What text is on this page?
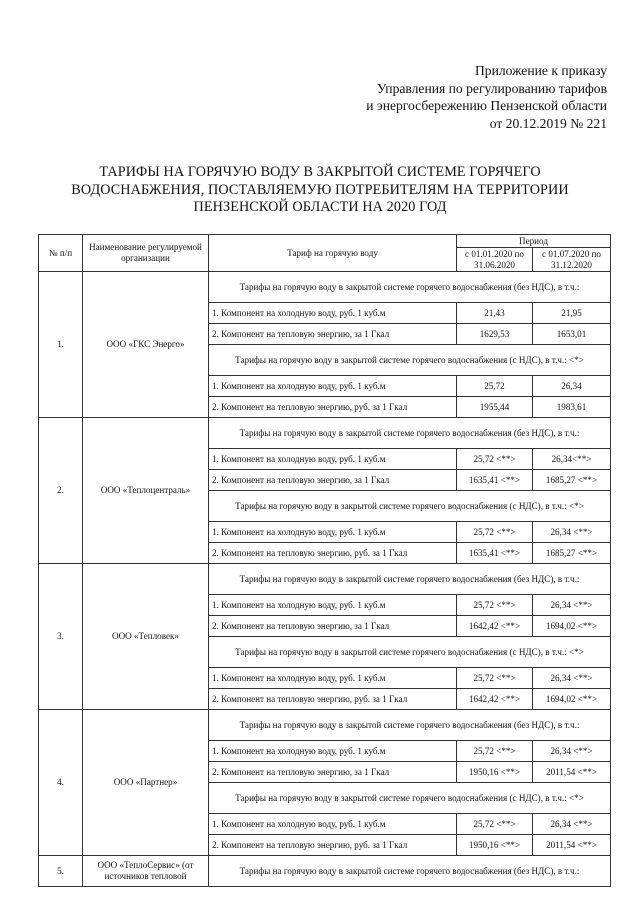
Приложение к приказу
Управления по регулированию тарифов
и энергосбережению Пензенской области
от 20.12.2019 № 221
ТАРИФЫ НА ГОРЯЧУЮ ВОДУ В ЗАКРЫТОЙ СИСТЕМЕ ГОРЯЧЕГО
ВОДОСНАБЖЕНИЯ, ПОСТАВЛЯЕМУЮ ПОТРЕБИТЕЛЯМ НА ТЕРРИТОРИИ
ПЕНЗЕНСКОЙ ОБЛАСТИ НА 2020 ГОД
№ п/п	Наименование регулируемой организации	Тариф на горячую воду	Период	
			с 01.01.2020 по 31.06.2020	с 01.07.2020 по 31.12.2020
1.	ООО «ГКС Энерго»	Тарифы на горячую воду в закрытой системе горячего водоснабжения (без НДС), в т.ч.:		
		1. Компонент на холодную воду, руб. 1 куб.м	21,43	21,95
		2. Компонент на тепловую энергию, за 1 Гкал	1629,53	1653,01
		Тарифы на горячую воду в закрытой системе горячего водоснабжения (с НДС), в т.ч.: <*>		
		1. Компонент на холодную воду, руб. 1 куб.м	25,72	26,34
		2. Компонент на тепловую энергию, руб. за 1 Гкал	1955,44	1983,61
2.	ООО «Теплоцентраль»	Тарифы на горячую воду в закрытой системе горячего водоснабжения (без НДС), в т.ч.:		
		1. Компонент на холодную воду, руб. 1 куб.м	25,72 <**>	26,34<**>
		2. Компонент на тепловую энергию, за 1 Гкал	1635,41 <**>	1685,27 <**>
		Тарифы на горячую воду в закрытой системе горячего водоснабжения (с НДС), в т.ч.: <*>		
		1. Компонент на холодную воду, руб. 1 куб.м	25,72 <**>	26,34 <**>
		2. Компонент на тепловую энергию, руб. за 1 Гкал	1635,41 <**>	1685,27 <**>
3.	ООО «Тепловек»	Тарифы на горячую воду в закрытой системе горячего водоснабжения (без НДС), в т.ч.:		
		1. Компонент на холодную воду, руб. 1 куб.м	25,72 <**>	26,34 <**>
		2. Компонент на тепловую энергию, за 1 Гкал	1642,42 <**>	1694,02 <**>
		Тарифы на горячую воду в закрытой системе горячего водоснабжения (с НДС), в т.ч.: <*>		
		1. Компонент на холодную воду, руб. 1 куб.м	25,72 <**>	26,34 <**>
		2. Компонент на тепловую энергию, руб. за 1 Гкал	1642,42 <**>	1694,02 <**>
4.	ООО «Партнер»	Тарифы на горячую воду в закрытой системе горячего водоснабжения (без НДС), в т.ч.:		
		1. Компонент на холодную воду, руб. 1 куб.м	25,72 <**>	26,34 <**>
		2. Компонент на тепловую энергию, за 1 Гкал	1950,16 <**>	2011,54 <**>
		Тарифы на горячую воду в закрытой системе горячего водоснабжения (с НДС), в т.ч.: <*>		
		1. Компонент на холодную воду, руб. 1 куб.м	25,72 <**>	26,34 <**>
		2. Компонент на тепловую энергию, руб. за 1 Гкал	1950,16 <**>	2011,54 <**>
5.	ООО «ТеплоСервис» (от источников тепловой	Тарифы на горячую воду в закрытой системе горячего водоснабжения (без НДС), в т.ч.:		
